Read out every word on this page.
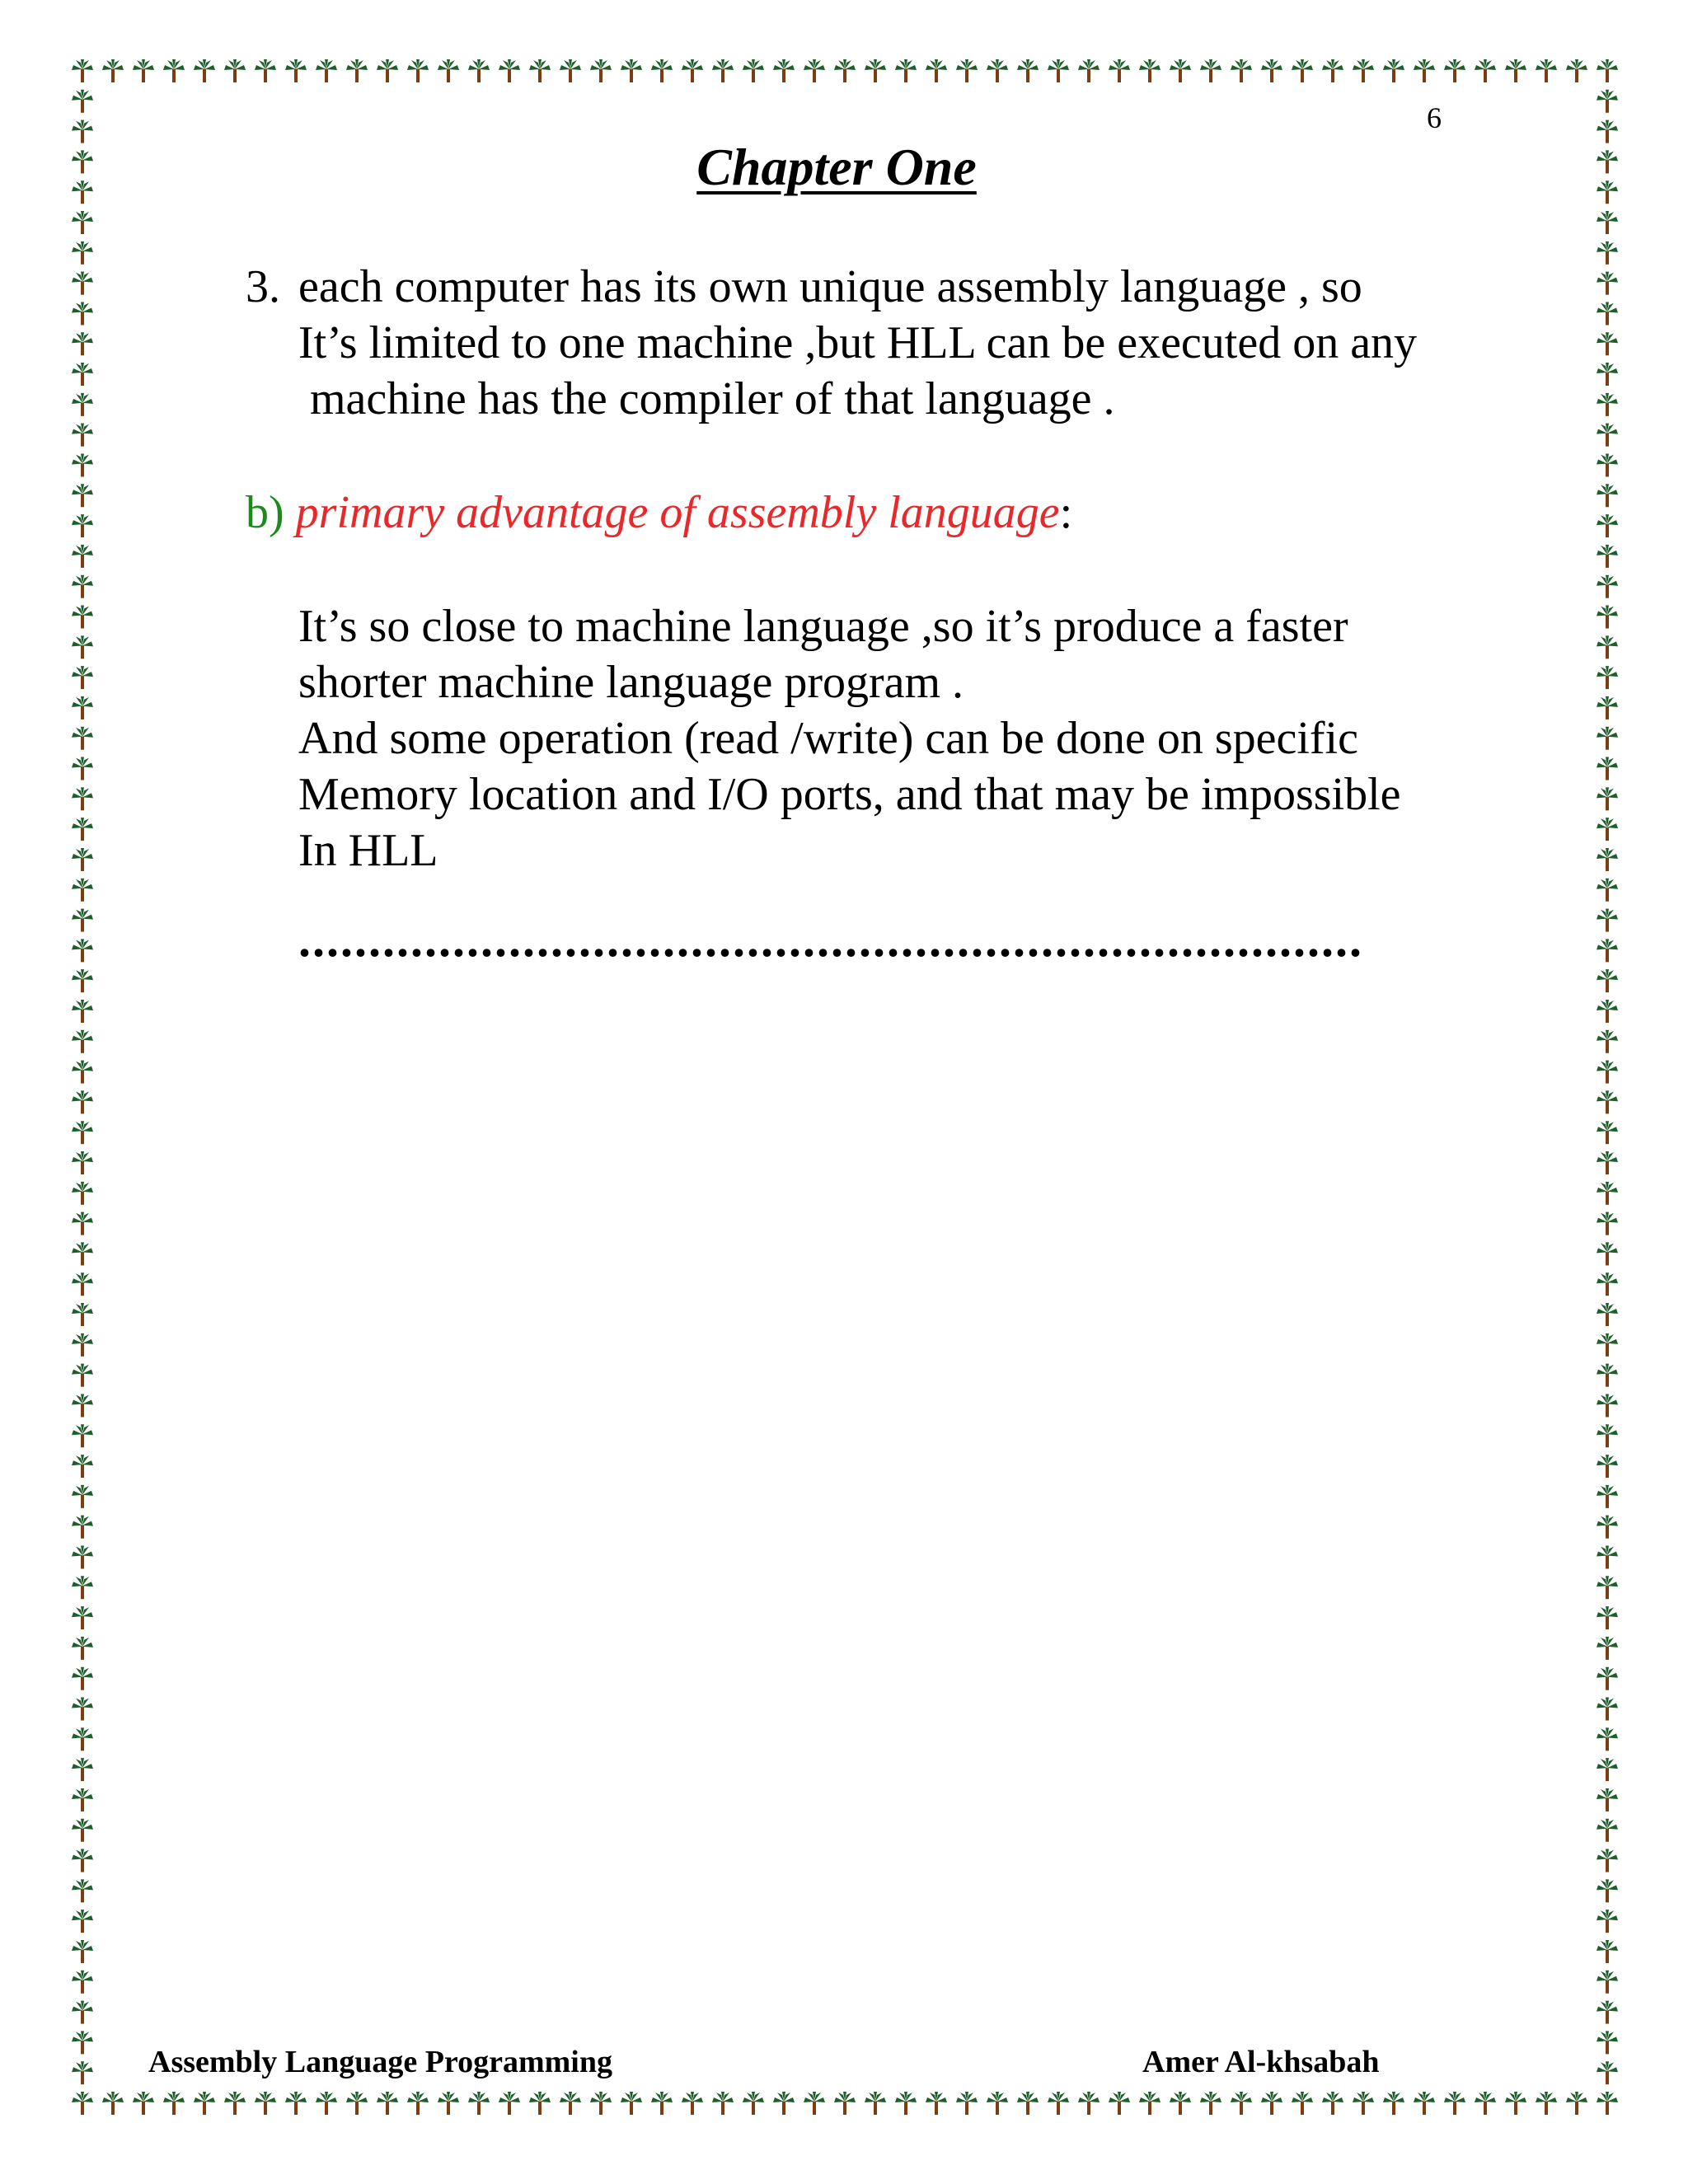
6
Chapter One
3. each computer has its own unique assembly language , so
It’s limited to one machine ,but HLL can be executed on any
machine has the compiler of that language .
b) primary advantage of assembly language:
It’s so close to machine language ,so it’s produce a faster
shorter machine language program .
And some operation (read /write) can be done on specific
Memory location and I/O ports, and that may be impossible
In HLL
............................................................................
Assembly Language Programming	Amer Al-khsabah
